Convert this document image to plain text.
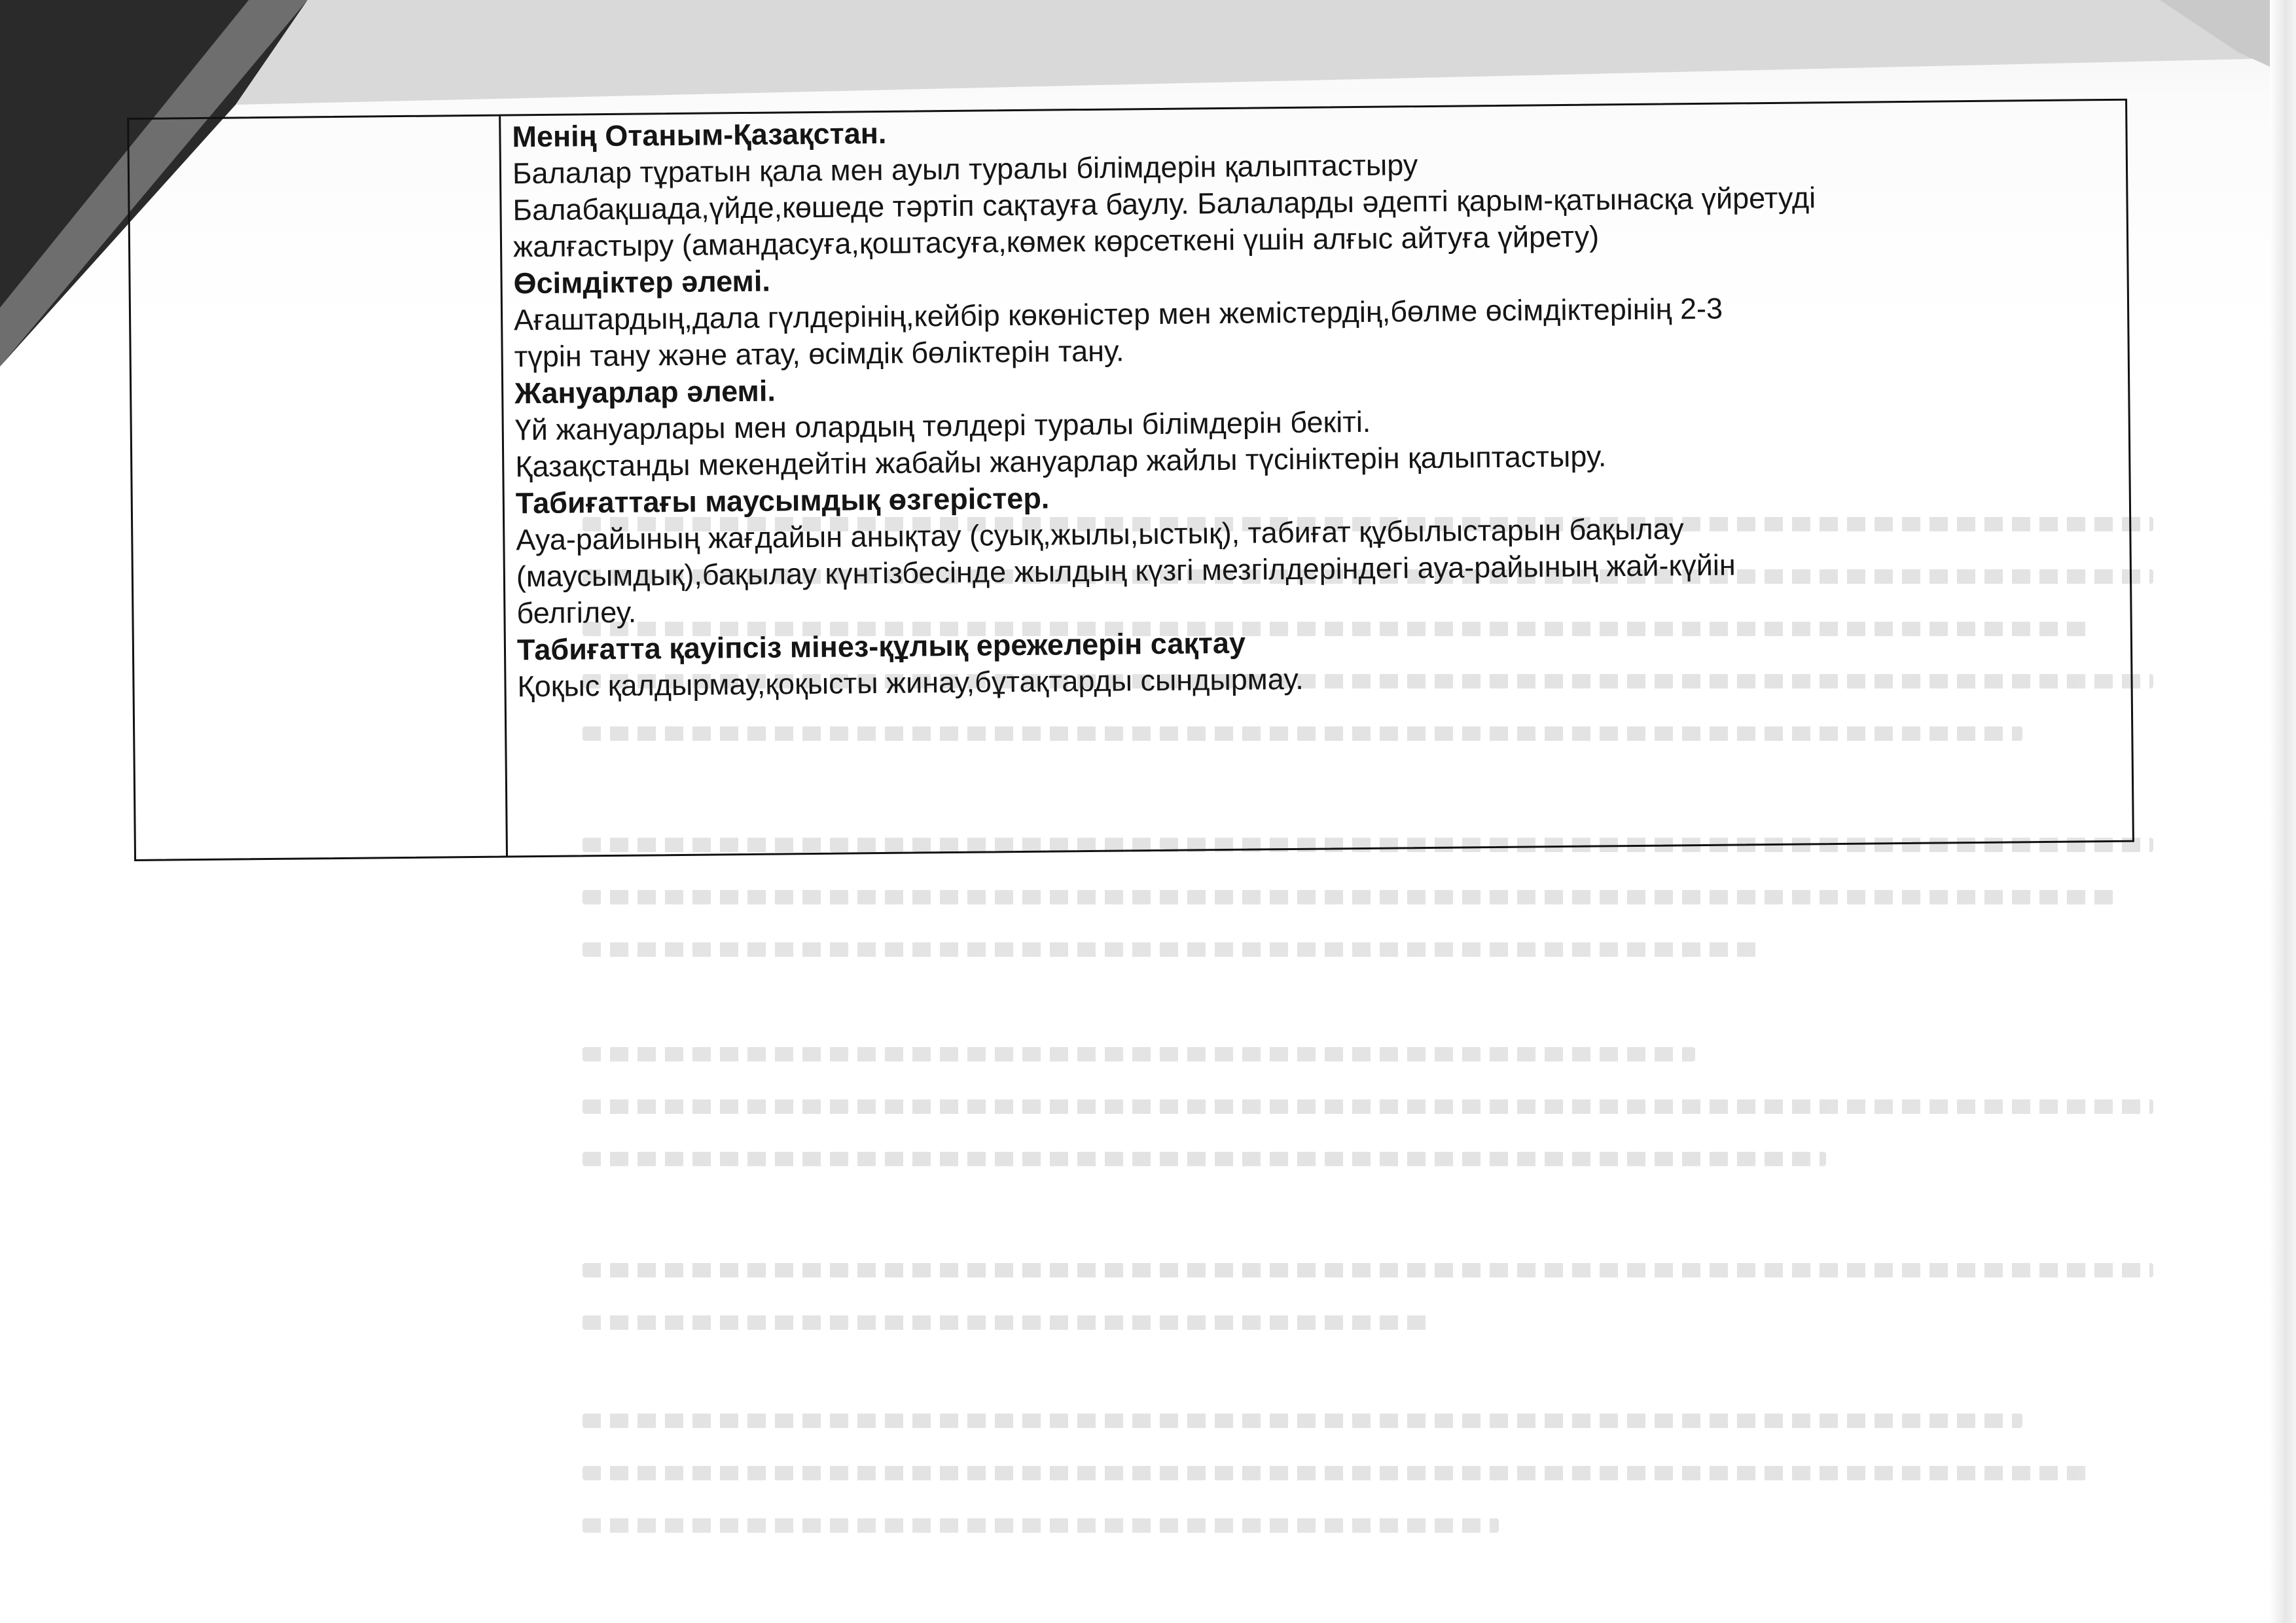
Менің Отаным-Қазақстан.
Балалар тұратын қала мен ауыл туралы білімдерін қалыптастыру
Балабақшада,үйде,көшеде тәртіп сақтауға баулу. Балаларды әдепті қарым-қатынасқа үйретуді
жалғастыру (амандасуға,қоштасуға,көмек көрсеткені үшін алғыс айтуға үйрету)
Өсімдіктер әлемі.
Ағаштардың,дала гүлдерінің,кейбір көкөністер мен жемістердің,бөлме өсімдіктерінің 2-3
түрін тану және атау, өсімдік бөліктерін тану.
Жануарлар әлемі.
Үй жануарлары мен олардың төлдері туралы білімдерін бекіті.
Қазақстанды мекендейтін жабайы жануарлар жайлы түсініктерін қалыптастыру.
Табиғаттағы маусымдық өзгерістер.
Ауа-райының жағдайын анықтау (суық,жылы,ыстық), табиғат құбылыстарын бақылау
(маусымдық),бақылау күнтізбесінде жылдың күзгі мезгілдеріндегі ауа-райының жай-күйін
белгілеу.
Табиғатта қауіпсіз мінез-құлық ережелерін сақтау
Қоқыс қалдырмау,қоқысты жинау,бұтақтарды сындырмау.
